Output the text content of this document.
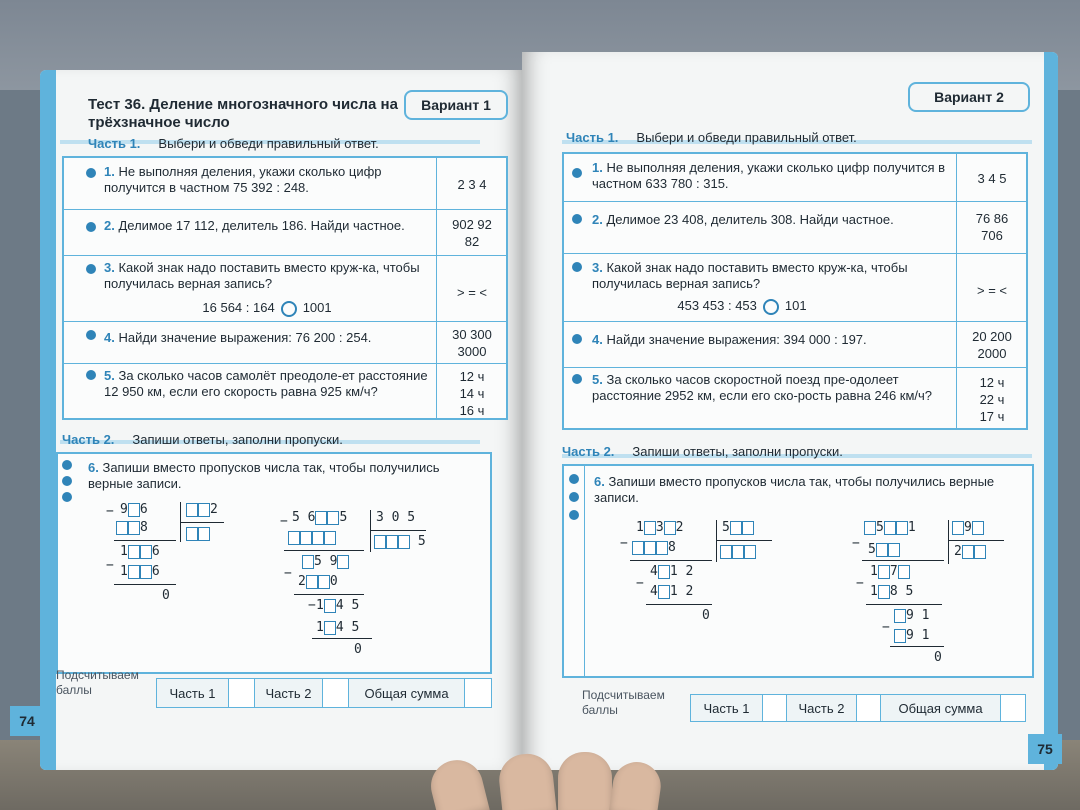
Тест 36. Деление многозначного числа на трёхзначное число
Вариант 1
Часть 1. Выбери и обведи правильный ответ.
1. Не выполняя деления, укажи сколько цифр получится в частном 75 392 : 248.	2 3 4
2. Делимое 17 112, делитель 186. Найди частное.	902 92
82
3. Какой знак надо поставить вместо круж-ка, чтобы получилась верная запись?
16 564 : 164 1001
> = <
4. Найди значение выражения: 76 200 : 254.	30 300
3000
5. За сколько часов самолёт преодоле-ет расстояние 12 950 км, если его скорость равна 925 км/ч?
12 ч
14 ч
16 ч
Часть 2. Запиши ответы, заполни пропуски.
6. Запиши вместо пропусков числа так, чтобы получились верные записи.
− 9 6	2
8
1 6
− 1 6
0
− 5 6 5 3 0 5
5
5 9
−
2 0
− 1 4 5
1 4 5
0
Подсчитываем
баллы	Часть 1	Часть 2	Общая сумма
74
Вариант 2
Часть 1. Выбери и обведи правильный ответ.
1. Не выполняя деления, укажи сколько цифр получится в частном 633 780 : 315.	3 4 5
2. Делимое 23 408, делитель 308. Найди частное.	76 86
706
3. Какой знак надо поставить вместо круж-ка, чтобы получилась верная запись?
453 453 : 453 101
> = <
4. Найди значение выражения: 394 000 : 197.	20 200
2000
5. За сколько часов скоростной поезд пре-одолеет расстояние 2952 км, если его ско-рость равна 246 км/ч?
12 ч
22 ч
17 ч
Часть 2. Запиши ответы, заполни пропуски.
6. Запиши вместо пропусков числа так, чтобы получились верные записи.
−
1 3 2	5
8
4 1 2
−
4 1 2
0
−
5 1	9
2
5
1 7
−
1 8 5
9 1
−
9 1
0
Подсчитываем
баллы	Часть 1	Часть 2	Общая сумма
75
